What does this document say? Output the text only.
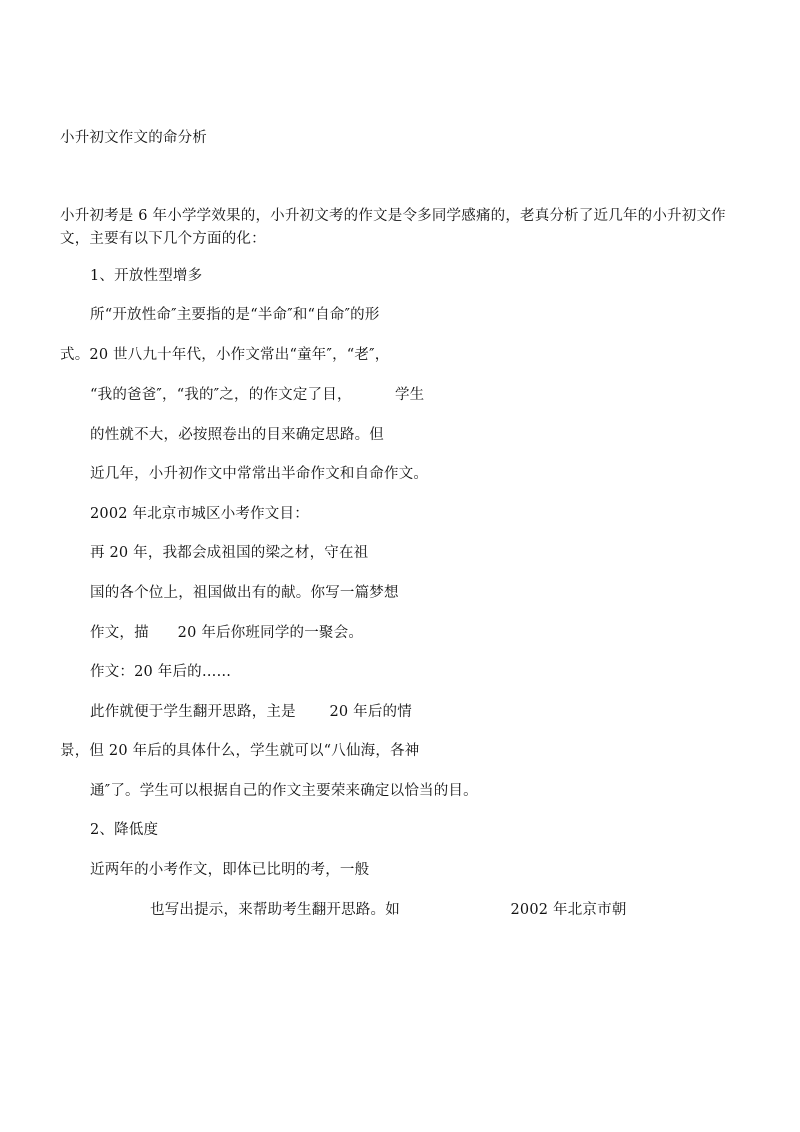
小升初文作文的命分析
小升初考是 6 年小学学效果的，小升初文考的作文是令多同学感痛的，老真分析了近几年的小升初文作
文，主要有以下几个方面的化：
1、开放性型增多
所“开放性命″主要指的是“半命″和“自命″的形
式。20 世八九十年代，小作文常出“童年″，“老″，
“我的爸爸″，“我的″之，的作文定了目，         学生
的性就不大，必按照卷出的目来确定思路。但
近几年，小升初作文中常常出半命作文和自命作文。
2002 年北京市城区小考作文目：
再 20 年，我都会成祖国的梁之材，守在祖
国的各个位上，祖国做出有的献。你写一篇梦想
作文，描      20 年后你班同学的一聚会。
作文：20 年后的……
此作就便于学生翻开思路，主是       20 年后的情
景，但 20 年后的具体什么，学生就可以“八仙海，各神
通″了。学生可以根据自己的作文主要荣来确定以恰当的目。
2、降低度
近两年的小考作文，即体已比明的考，一般
也写出提示，来帮助考生翻开思路。如                       2002 年北京市朝
